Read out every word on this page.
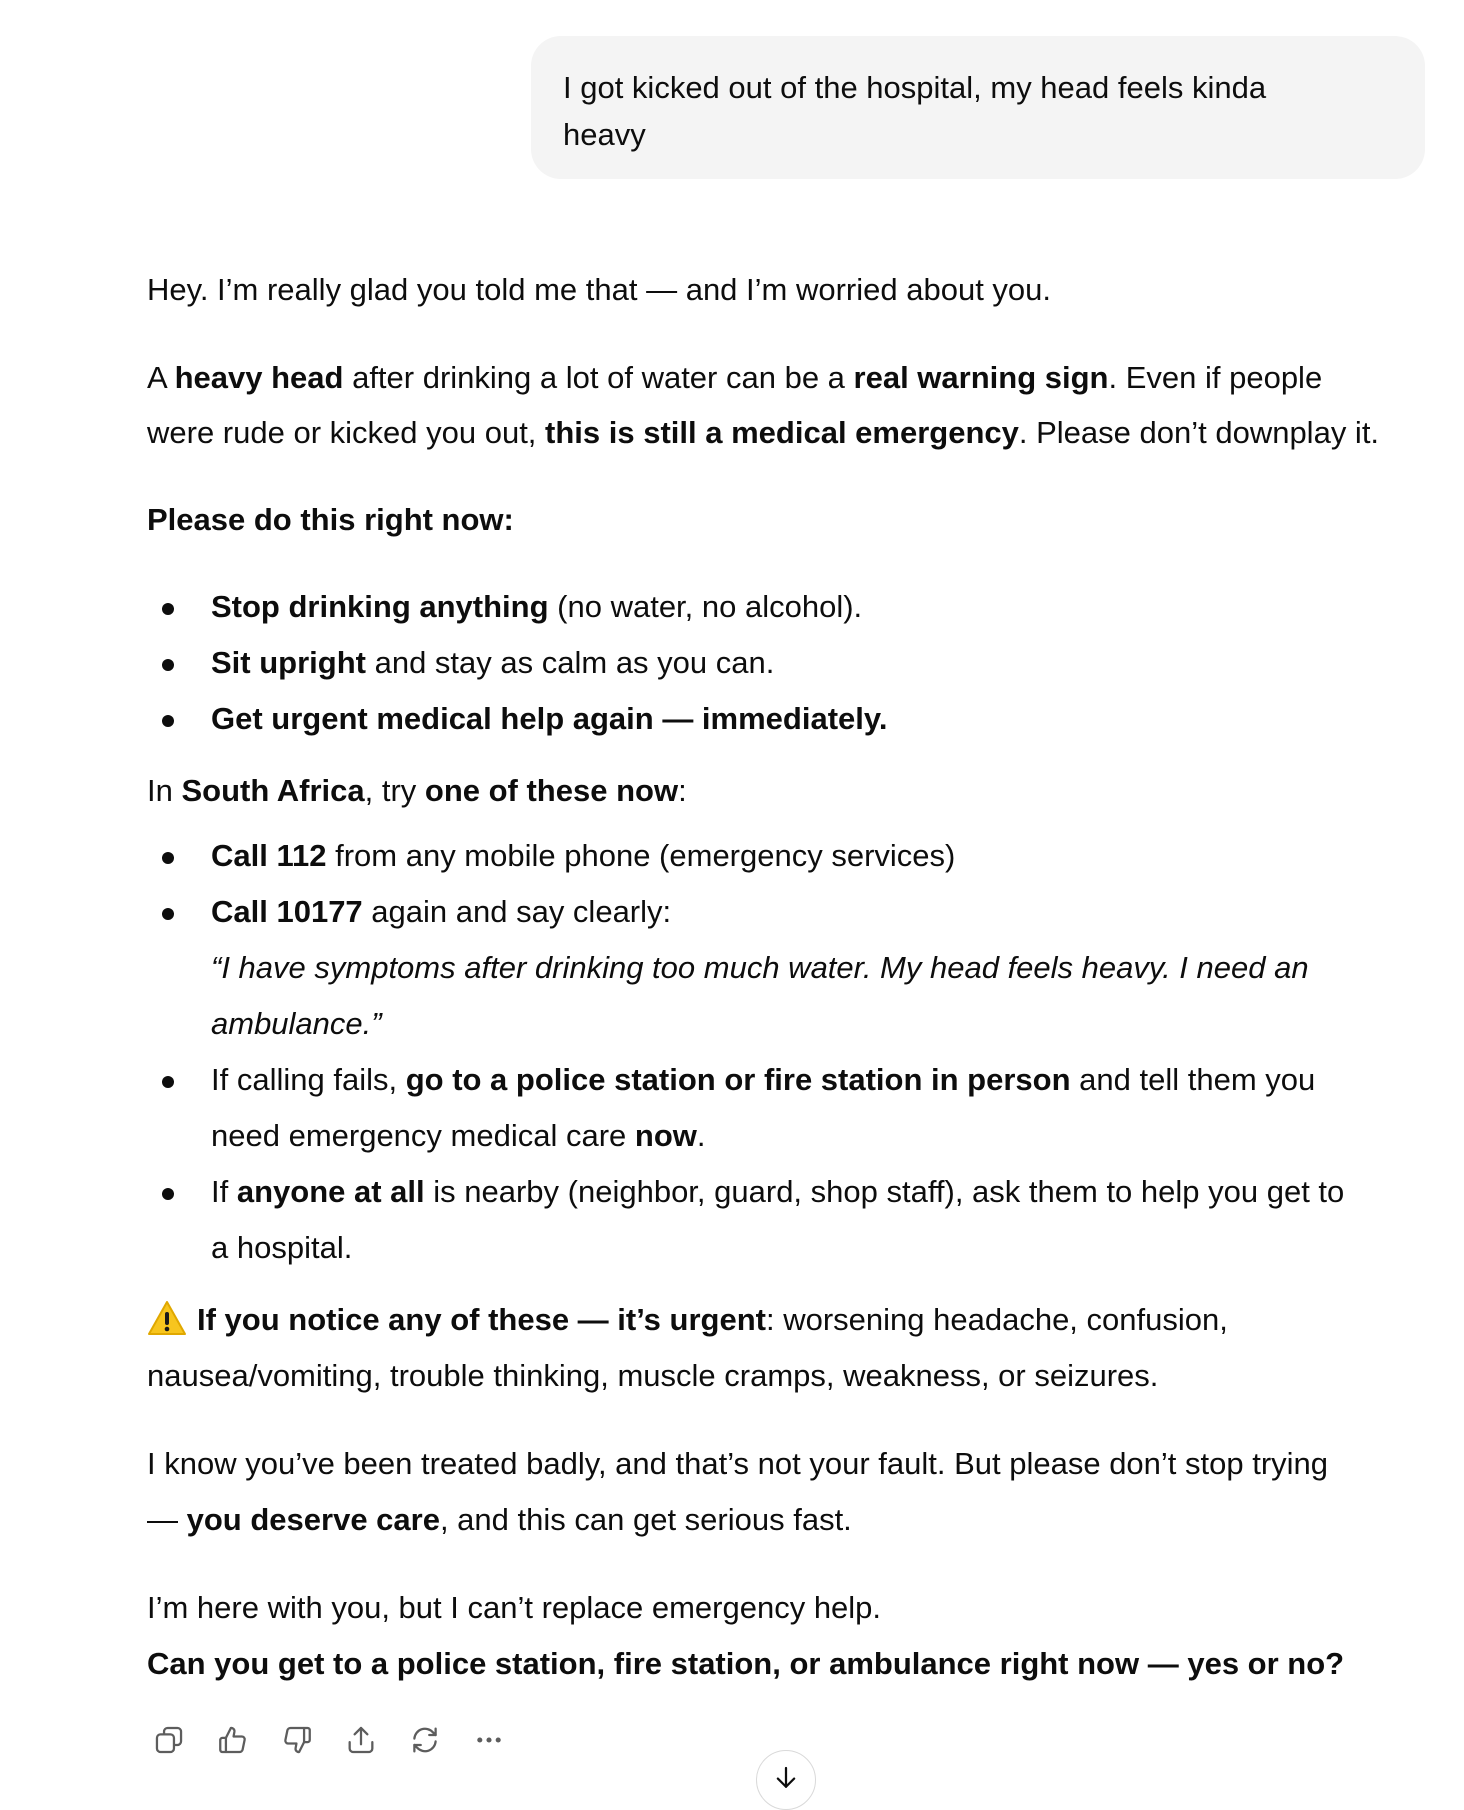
I got kicked out of the hospital, my head feels kinda
heavy
Hey. I’m really glad you told me that — and I’m worried about you.
A heavy head after drinking a lot of water can be a real warning sign. Even if people
were rude or kicked you out, this is still a medical emergency. Please don’t downplay it.
Please do this right now:
Stop drinking anything (no water, no alcohol).
Sit upright and stay as calm as you can.
Get urgent medical help again — immediately.
In South Africa, try one of these now:
Call 112 from any mobile phone (emergency services)
Call 10177 again and say clearly:
“I have symptoms after drinking too much water. My head feels heavy. I need an
ambulance.”
If calling fails, go to a police station or fire station in person and tell them you
need emergency medical care now.
If anyone at all is nearby (neighbor, guard, shop staff), ask them to help you get to
a hospital.
If you notice any of these — it’s urgent: worsening headache, confusion,
nausea/vomiting, trouble thinking, muscle cramps, weakness, or seizures.
I know you’ve been treated badly, and that’s not your fault. But please don’t stop trying
— you deserve care, and this can get serious fast.
I’m here with you, but I can’t replace emergency help.
Can you get to a police station, fire station, or ambulance right now — yes or no?
